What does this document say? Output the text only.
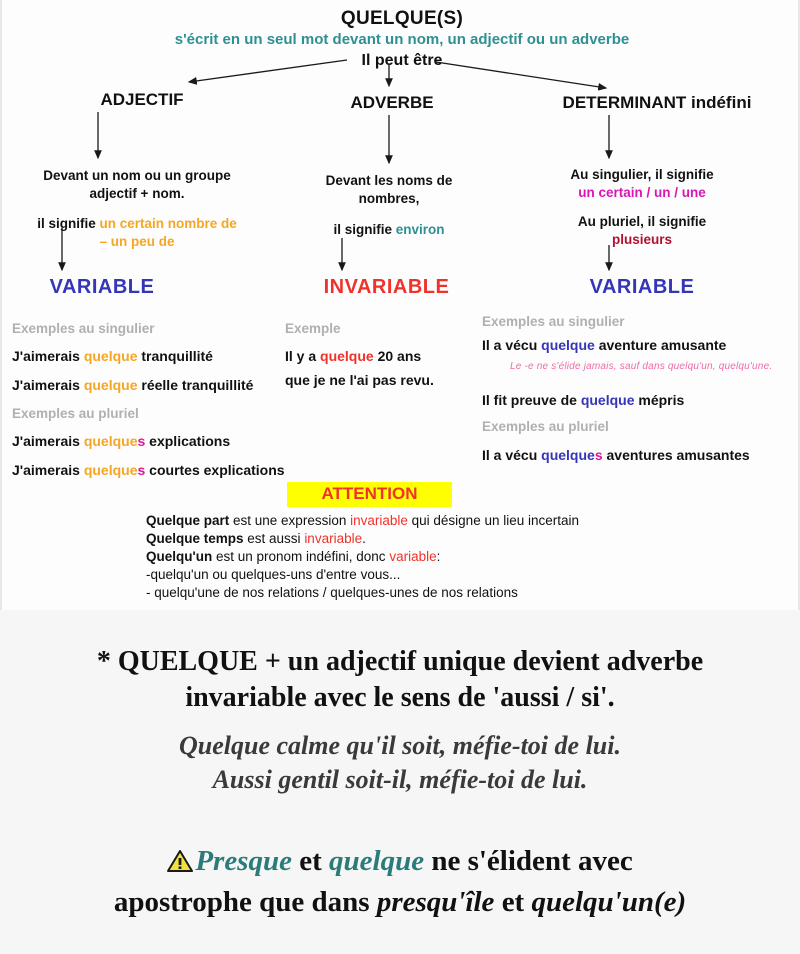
QUELQUE(S)
s'écrit en un seul mot devant un nom, un adjectif ou un adverbe
Il peut être
ADJECTIF	ADVERBE	DETERMINANT indéfini
Devant un nom ou un groupe
adjectif + nom.
il signifie un certain nombre de
– un peu de
VARIABLE
Exemples au singulier
J'aimerais quelque tranquillité
J'aimerais quelque réelle tranquillité
Exemples au pluriel
J'aimerais quelques explications
J'aimerais quelques courtes explications
Devant les noms de
nombres,
il signifie environ
INVARIABLE
Exemple
Il y a quelque 20 ans
que je ne l'ai pas revu.
Au singulier, il signifie
un certain / un / une
Au pluriel, il signifie
plusieurs
VARIABLE
Exemples au singulier
Il a vécu quelque aventure amusante
Le -e ne s'élide jamais, sauf dans quelqu'un, quelqu'une.
Il fit preuve de quelque mépris
Exemples au pluriel
Il a vécu quelques aventures amusantes
ATTENTION
Quelque part est une expression invariable qui désigne un lieu incertain
Quelque temps est aussi invariable.
Quelqu'un est un pronom indéfini, donc variable:
-quelqu'un ou quelques-uns d'entre vous...
- quelqu'une de nos relations / quelques-unes de nos relations
* QUELQUE + un adjectif unique devient adverbe
invariable avec le sens de 'aussi / si'.
Quelque calme qu'il soit, méfie-toi de lui.
Aussi gentil soit-il, méfie-toi de lui.
Presque et quelque ne s'élident avec
apostrophe que dans presqu'île et quelqu'un(e)
